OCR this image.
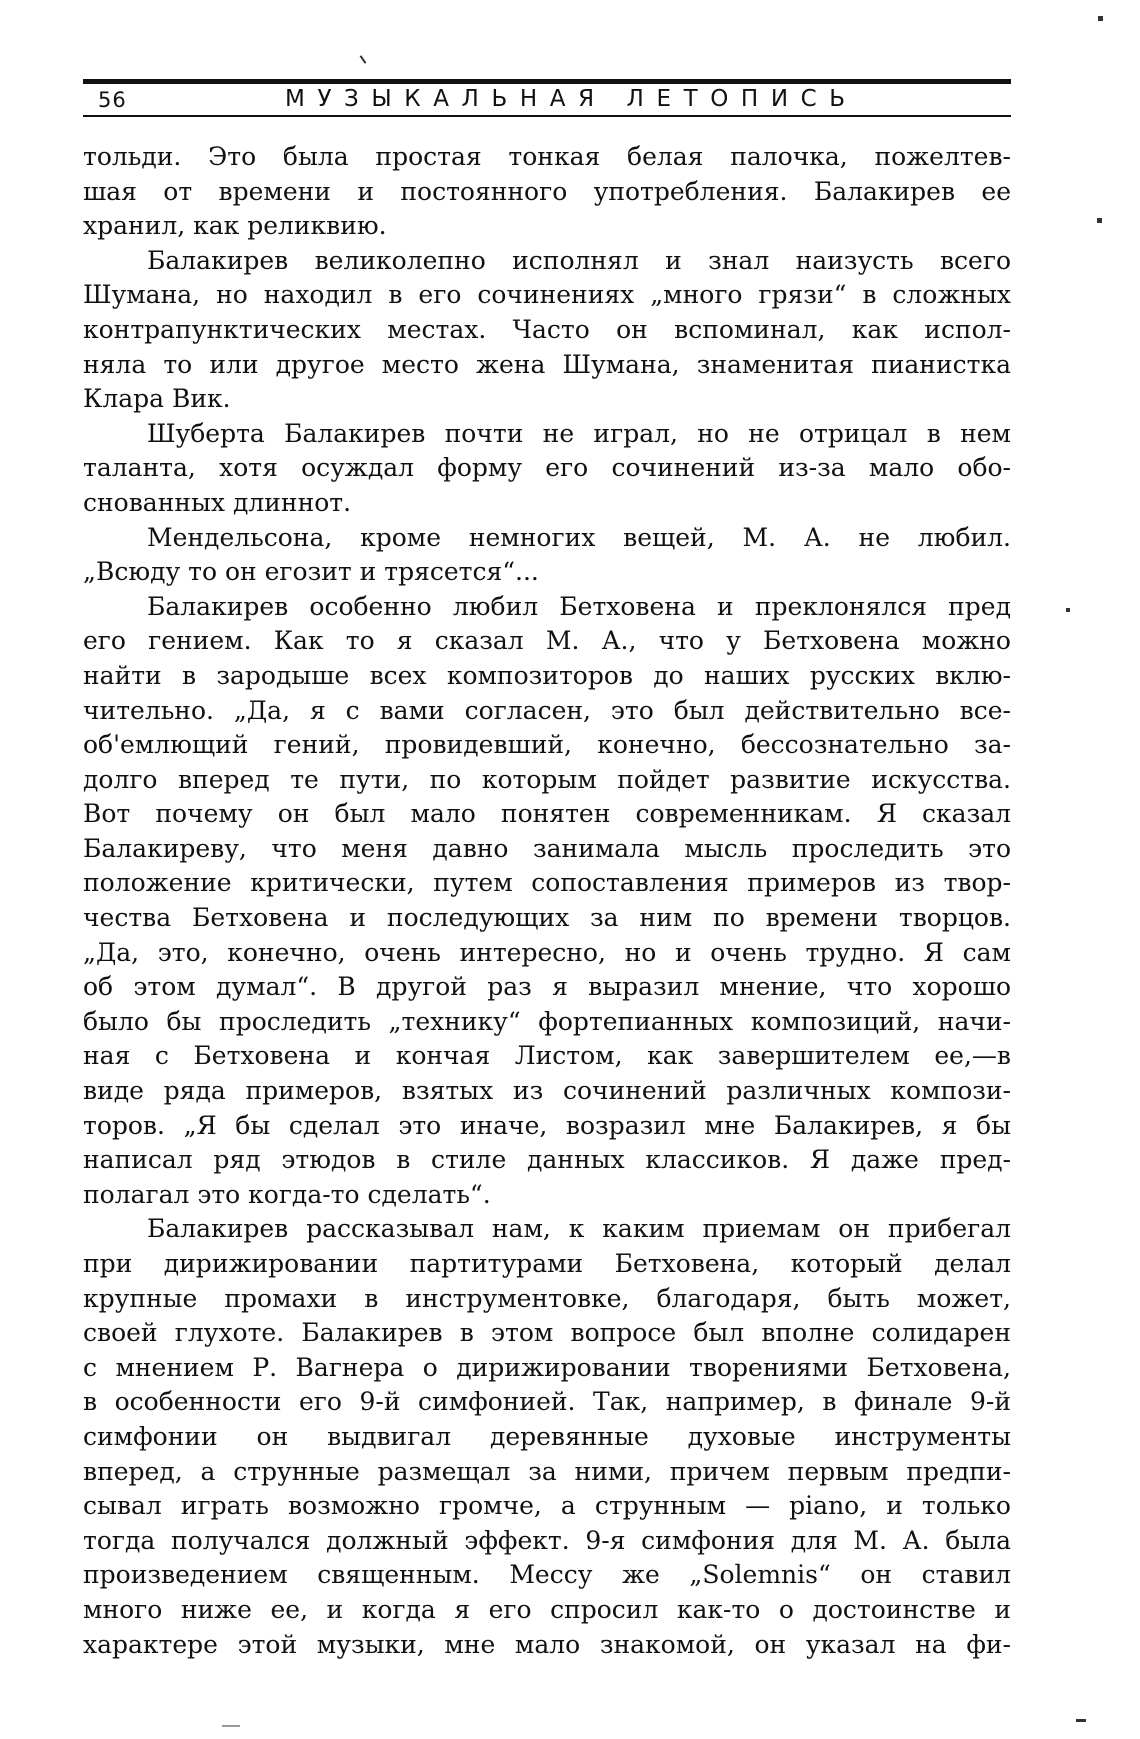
56	МУЗЫКАЛЬНАЯ ЛЕТОПИСЬ
тольди. Это была простая тонкая белая палочка, пожелтев-
шая от времени и постоянного употребления. Балакирев ее
хранил, как реликвию.
Балакирев великолепно исполнял и знал наизусть всего
Шумана, но находил в его сочинениях „много грязи“ в сложных
контрапунктических местах. Часто он вспоминал, как испол-
няла то или другое место жена Шумана, знаменитая пианистка
Клара Вик.
Шуберта Балакирев почти не играл, но не отрицал в нем
таланта, хотя осуждал форму его сочинений из-за мало обо-
снованных длиннот.
Мендельсона, кроме немногих вещей, М. А. не любил.
„Всюду то он егозит и трясется“...
Балакирев особенно любил Бетховена и преклонялся пред
его гением. Как то я сказал М. А., что у Бетховена можно
найти в зародыше всех композиторов до наших русских вклю-
чительно. „Да, я с вами согласен, это был действительно все-
об'емлющий гений, провидевший, конечно, бессознательно за-
долго вперед те пути, по которым пойдет развитие искусства.
Вот почему он был мало понятен современникам. Я сказал
Балакиреву, что меня давно занимала мысль проследить это
положение критически, путем сопоставления примеров из твор-
чества Бетховена и последующих за ним по времени творцов.
„Да, это, конечно, очень интересно, но и очень трудно. Я сам
об этом думал“. В другой раз я выразил мнение, что хорошо
было бы проследить „технику“ фортепианных композиций, начи-
ная с Бетховена и кончая Листом, как завершителем ее,—в
виде ряда примеров, взятых из сочинений различных компози-
торов. „Я бы сделал это иначе, возразил мне Балакирев, я бы
написал ряд этюдов в стиле данных классиков. Я даже пред-
полагал это когда-то сделать“.
Балакирев рассказывал нам, к каким приемам он прибегал
при дирижировании партитурами Бетховена, который делал
крупные промахи в инструментовке, благодаря, быть может,
своей глухоте. Балакирев в этом вопросе был вполне солидарен
с мнением Р. Вагнера о дирижировании творениями Бетховена,
в особенности его 9-й симфонией. Так, например, в финале 9-й
симфонии он выдвигал деревянные духовые инструменты
вперед, а струнные размещал за ними, причем первым предпи-
сывал играть возможно громче, а струнным — piano, и только
тогда получался должный эффект. 9-я симфония для М. А. была
произведением священным. Мессу же „Solemnis“ он ставил
много ниже ее, и когда я его спросил как-то о достоинстве и
характере этой музыки, мне мало знакомой, он указал на фи-
